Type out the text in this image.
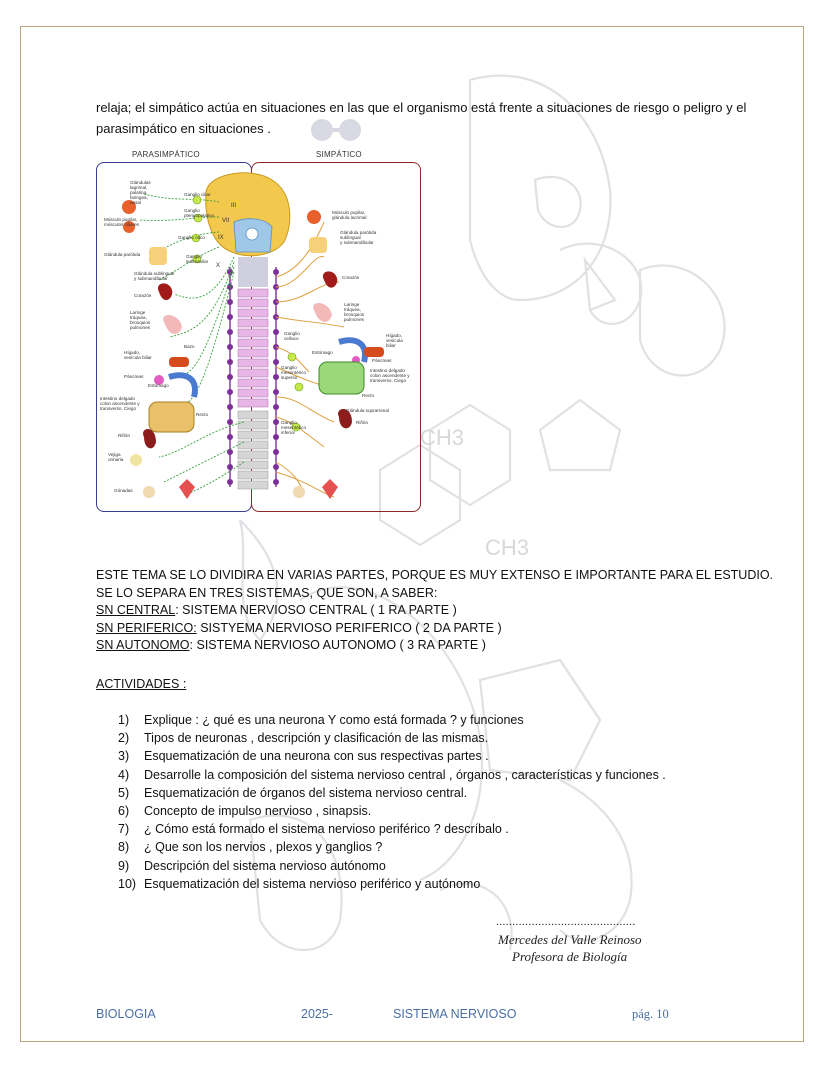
CH3
CH3
relaja; el simpático actúa en situaciones en las que el organismo está frente a situaciones de riesgo o peligro y el parasimpático en situaciones .
PARASIMPÁTICO	SIMPÁTICO
III
VII
IX
X
Glándulas
lagrimal,
palatina,
faringea,
nasal
Ganglio ciliar
Ganglio
pterigopalatino
Músculo pupilar,
músculos ciliares
Ganglio ótico
Glándula parótida	Ganglio
submaxilar
Glándula sublingual
y submandibular
Corazón
Laringe
tráquea,
bronquios
pulmones
Bazo
Hígado,
vesícula biliar
Páncreas
Estómago
Intestino delgado
colon ascendente y
transverso. Ciego
Recto
Riñón
Vejiga
urinaria
Gónadas
Músculo pupilar,
glándula lacrimal
Glándula parótida
sublingual
y submandibular
Corazón
Laringe
tráquea,
bronquios
pulmones
Ganglio
celíaco
Estómago
Hígado,
vesícula
biliar
Páncreas
Ganglio
mesentérico
superior
Intestino delgado
colon ascendente y
transverso. Ciego
Recto
Glándula suprarrenal
Riñón
Ganglio
mesentérico
inferior
ESTE TEMA SE LO DIVIDIRA EN VARIAS PARTES, PORQUE ES MUY EXTENSO E IMPORTANTE PARA EL ESTUDIO.
SE LO SEPARA EN TRES SISTEMAS, QUE SON, A SABER:
SN CENTRAL: SISTEMA NERVIOSO CENTRAL ( 1 RA PARTE )
SN PERIFERICO: SISTYEMA NERVIOSO PERIFERICO ( 2 DA PARTE )
SN AUTONOMO: SISTEMA NERVIOSO AUTONOMO ( 3 RA PARTE )
ACTIVIDADES :
1) Explique : ¿ qué es una neurona Y como está formada ? y funciones
2) Tipos de neuronas , descripción y clasificación de las mismas.
3) Esquematización de una neurona con sus respectivas partes .
4) Desarrolle la composición del sistema nervioso central , órganos , características y funciones .
5) Esquematización de órganos del sistema nervioso central.
6) Concepto de impulso nervioso , sinapsis.
7) ¿ Cómo está formado el sistema nervioso periférico ? descríbalo .
8) ¿ Que son los nervios , plexos y ganglios ?
9) Descripción del sistema nervioso autónomo
10) Esquematización del sistema nervioso periférico y autónomo
...........................................
Mercedes del Valle Reinoso
Profesora de Biología
BIOLOGIA	2025-	SISTEMA NERVIOSO	pág. 10
